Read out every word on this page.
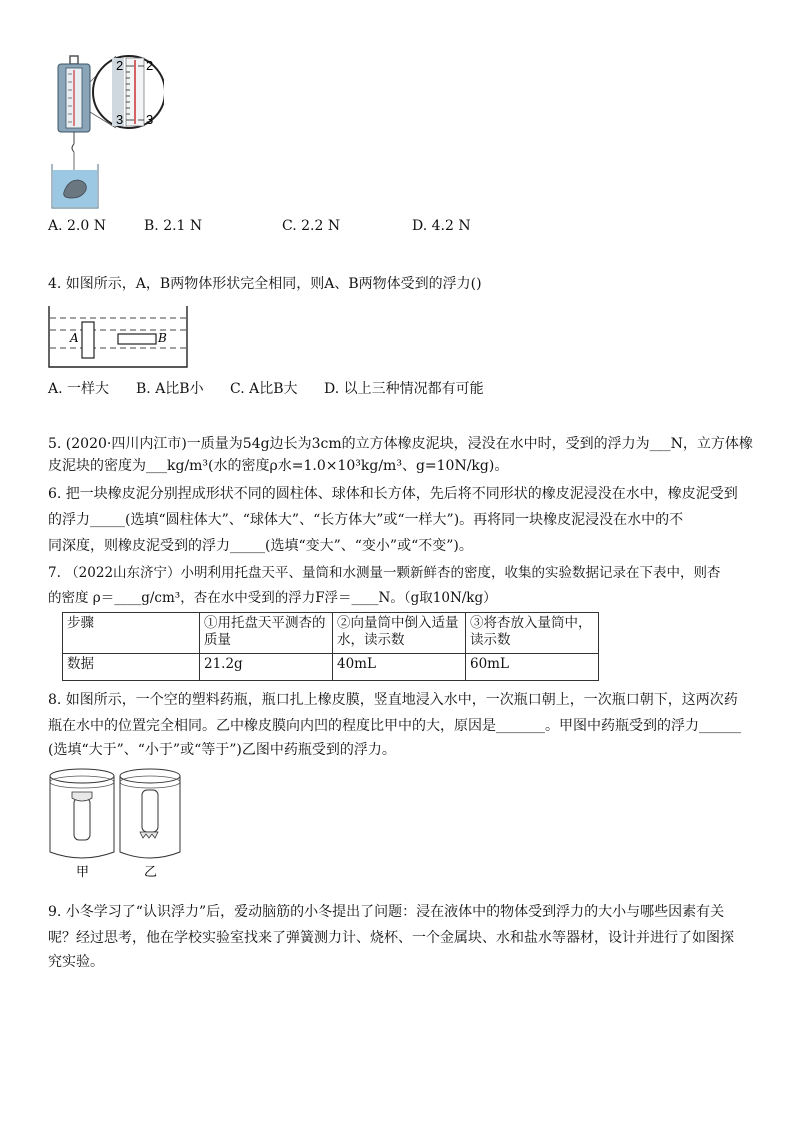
2 2
3 3
A. 2.0 N	B. 2.1 N	C. 2.2 N	D. 4.2 N
4. 如图所示，A，B两物体形状完全相同，则A、B两物体受到的浮力()
A	B
A. 一样大 B. A比B小 C. A比B大 D. 以上三种情况都有可能
5. (2020·四川内江市)一质量为54g边长为3cm的立方体橡皮泥块，浸没在水中时，受到的浮力为___N，立方体橡
皮泥块的密度为___kg/m³(水的密度ρ水=1.0×10³kg/m³、g=10N/kg)。
6. 把一块橡皮泥分别捏成形状不同的圆柱体、球体和长方体，先后将不同形状的橡皮泥浸没在水中，橡皮泥受到
的浮力_____(选填“圆柱体大”、“球体大”、“长方体大”或“一样大”)。再将同一块橡皮泥浸没在水中的不
同深度，则橡皮泥受到的浮力_____(选填“变大”、“变小”或“不变”)。
7. （2022山东济宁）小明利用托盘天平、量筒和水测量一颗新鲜杏的密度，收集的实验数据记录在下表中，则杏
的密度 ρ＝____g/cm³，杏在水中受到的浮力F浮＝____N。（g取10N/kg）
步骤	①用托盘天平测杏的质量	②向量筒中倒入适量水，读示数	③将杏放入量筒中，读示数
数据	21.2g	40mL	60mL
8. 如图所示，一个空的塑料药瓶，瓶口扎上橡皮膜，竖直地浸入水中，一次瓶口朝上，一次瓶口朝下，这两次药
瓶在水中的位置完全相同。乙中橡皮膜向内凹的程度比甲中的大，原因是_______。甲图中药瓶受到的浮力______
(选填“大于”、“小于”或“等于”)乙图中药瓶受到的浮力。
甲	乙
9. 小冬学习了“认识浮力”后，爱动脑筋的小冬提出了问题：浸在液体中的物体受到浮力的大小与哪些因素有关
呢？经过思考，他在学校实验室找来了弹簧测力计、烧杯、一个金属块、水和盐水等器材，设计并进行了如图探
究实验。
